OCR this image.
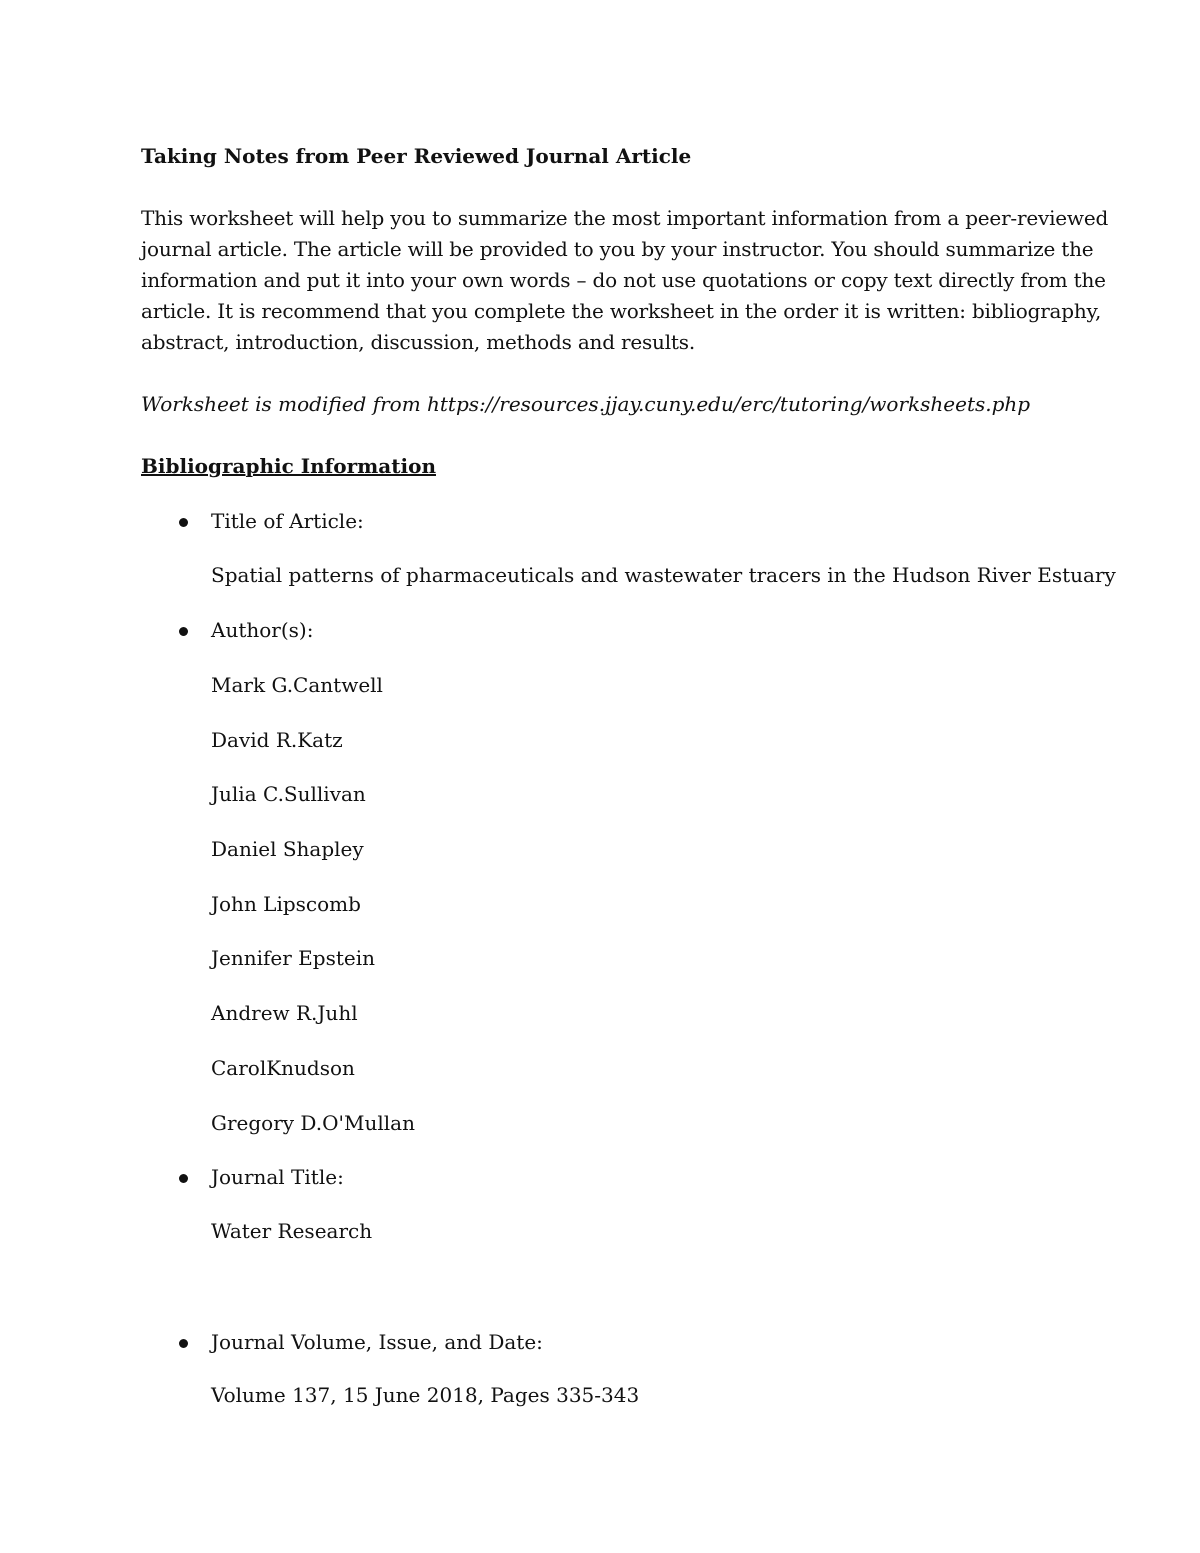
Taking Notes from Peer Reviewed Journal Article
This worksheet will help you to summarize the most important information from a peer-reviewed
journal article. The article will be provided to you by your instructor. You should summarize the
information and put it into your own words – do not use quotations or copy text directly from the
article. It is recommend that you complete the worksheet in the order it is written: bibliography,
abstract, introduction, discussion, methods and results.
Worksheet is modified from https://resources.jjay.cuny.edu/erc/tutoring/worksheets.php
Bibliographic Information
Title of Article:
Spatial patterns of pharmaceuticals and wastewater tracers in the Hudson River Estuary
Author(s):
Mark G.Cantwell
David R.Katz
Julia C.Sullivan
Daniel Shapley
John Lipscomb
Jennifer Epstein
Andrew R.Juhl
CarolKnudson
Gregory D.O'Mullan
Journal Title:
Water Research
Journal Volume, Issue, and Date:
Volume 137, 15 June 2018, Pages 335-343
